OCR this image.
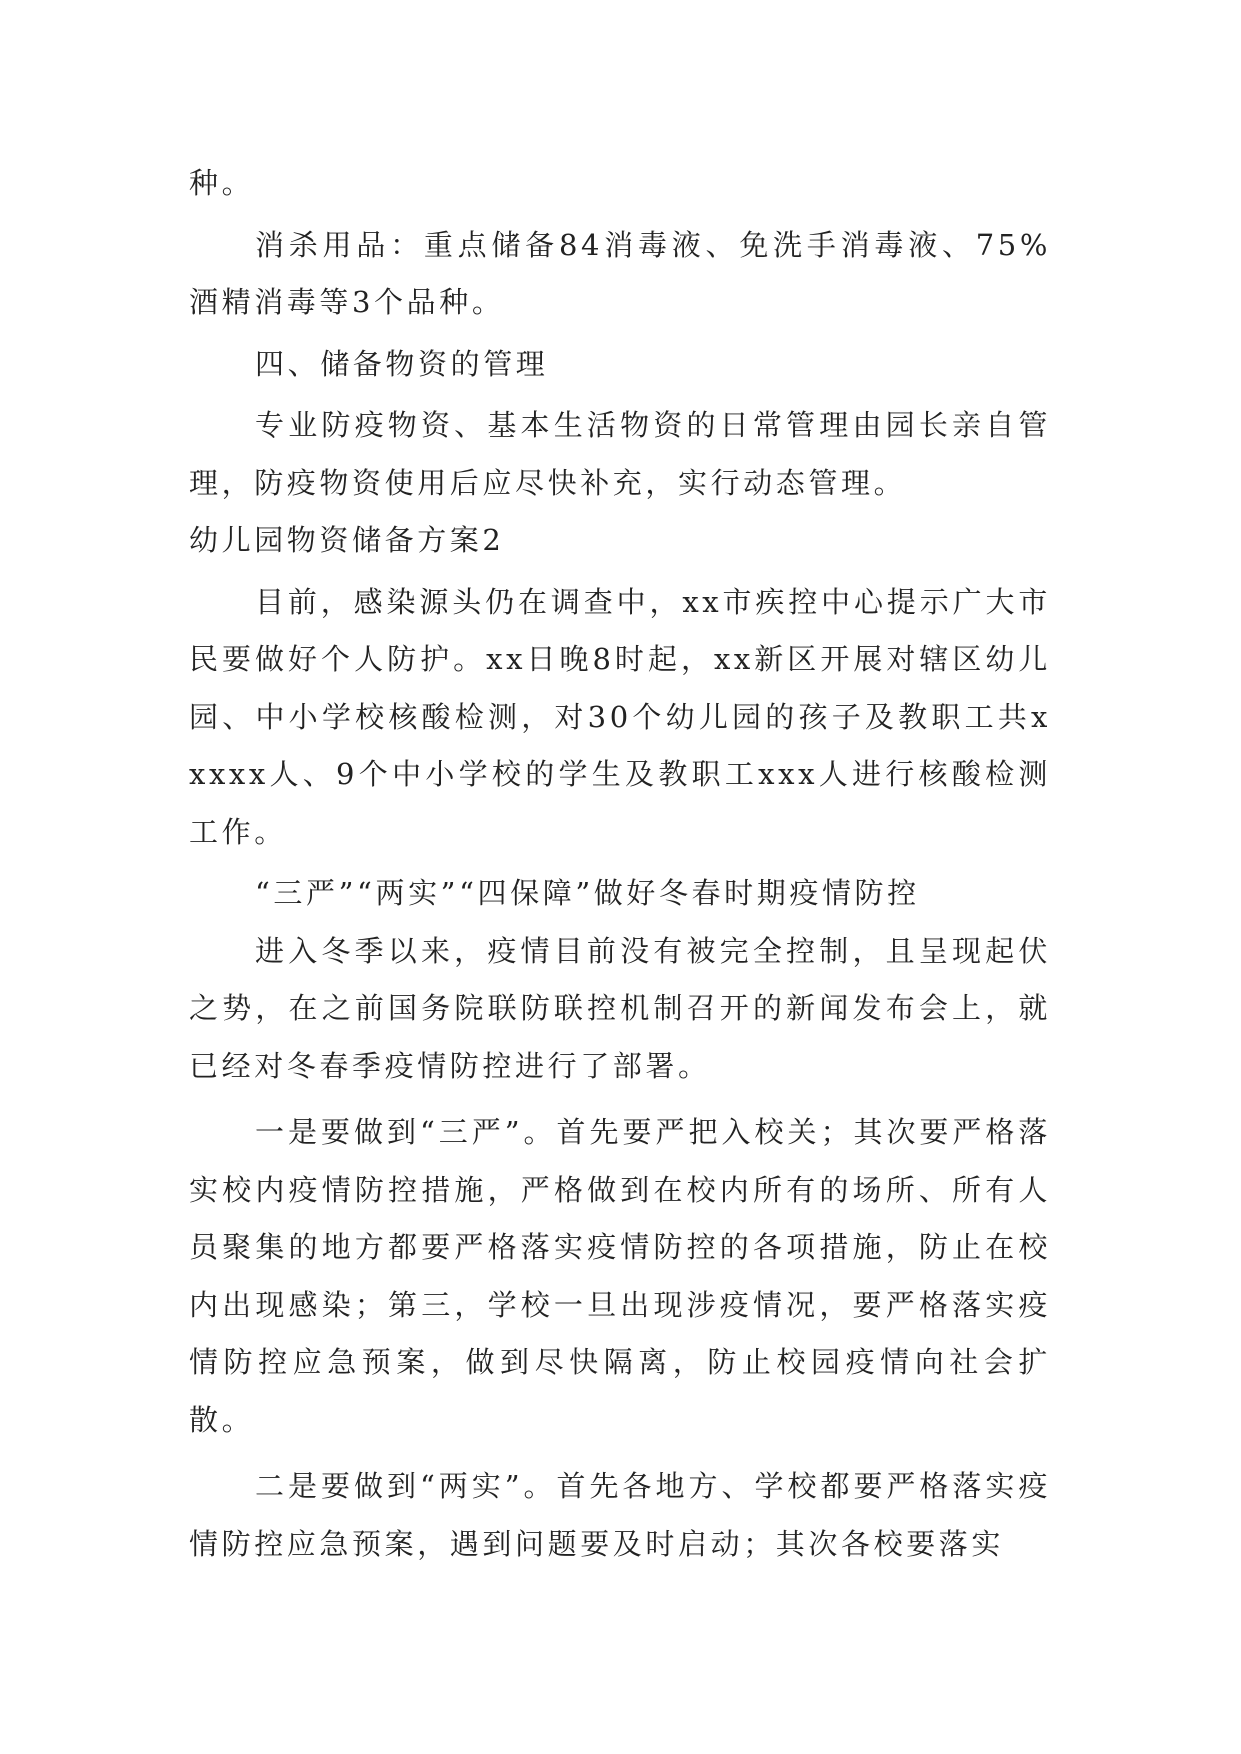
种。

消杀用品：重点储备84消毒液、免洗手消毒液、75%酒精消毒等3个品种。

四、储备物资的管理

专业防疫物资、基本生活物资的日常管理由园长亲自管理，防疫物资使用后应尽快补充，实行动态管理。

幼儿园物资储备方案2

目前，感染源头仍在调查中，xx市疾控中心提示广大市民要做好个人防护。xx日晚8时起，xx新区开展对辖区幼儿园、中小学校核酸检测，对30个幼儿园的孩子及教职工共xxxxx人、9个中小学校的学生及教职工xxx人进行核酸检测工作。

“三严”“两实”“四保障”做好冬春时期疫情防控

进入冬季以来，疫情目前没有被完全控制，且呈现起伏之势，在之前国务院联防联控机制召开的新闻发布会上，就已经对冬春季疫情防控进行了部署。

一是要做到“三严”。首先要严把入校关；其次要严格落实校内疫情防控措施，严格做到在校内所有的场所、所有人员聚集的地方都要严格落实疫情防控的各项措施，防止在校内出现感染；第三，学校一旦出现涉疫情况，要严格落实疫情防控应急预案，做到尽快隔离，防止校园疫情向社会扩散。

二是要做到“两实”。首先各地方、学校都要严格落实疫情防控应急预案，遇到问题要及时启动；其次各校要落实
